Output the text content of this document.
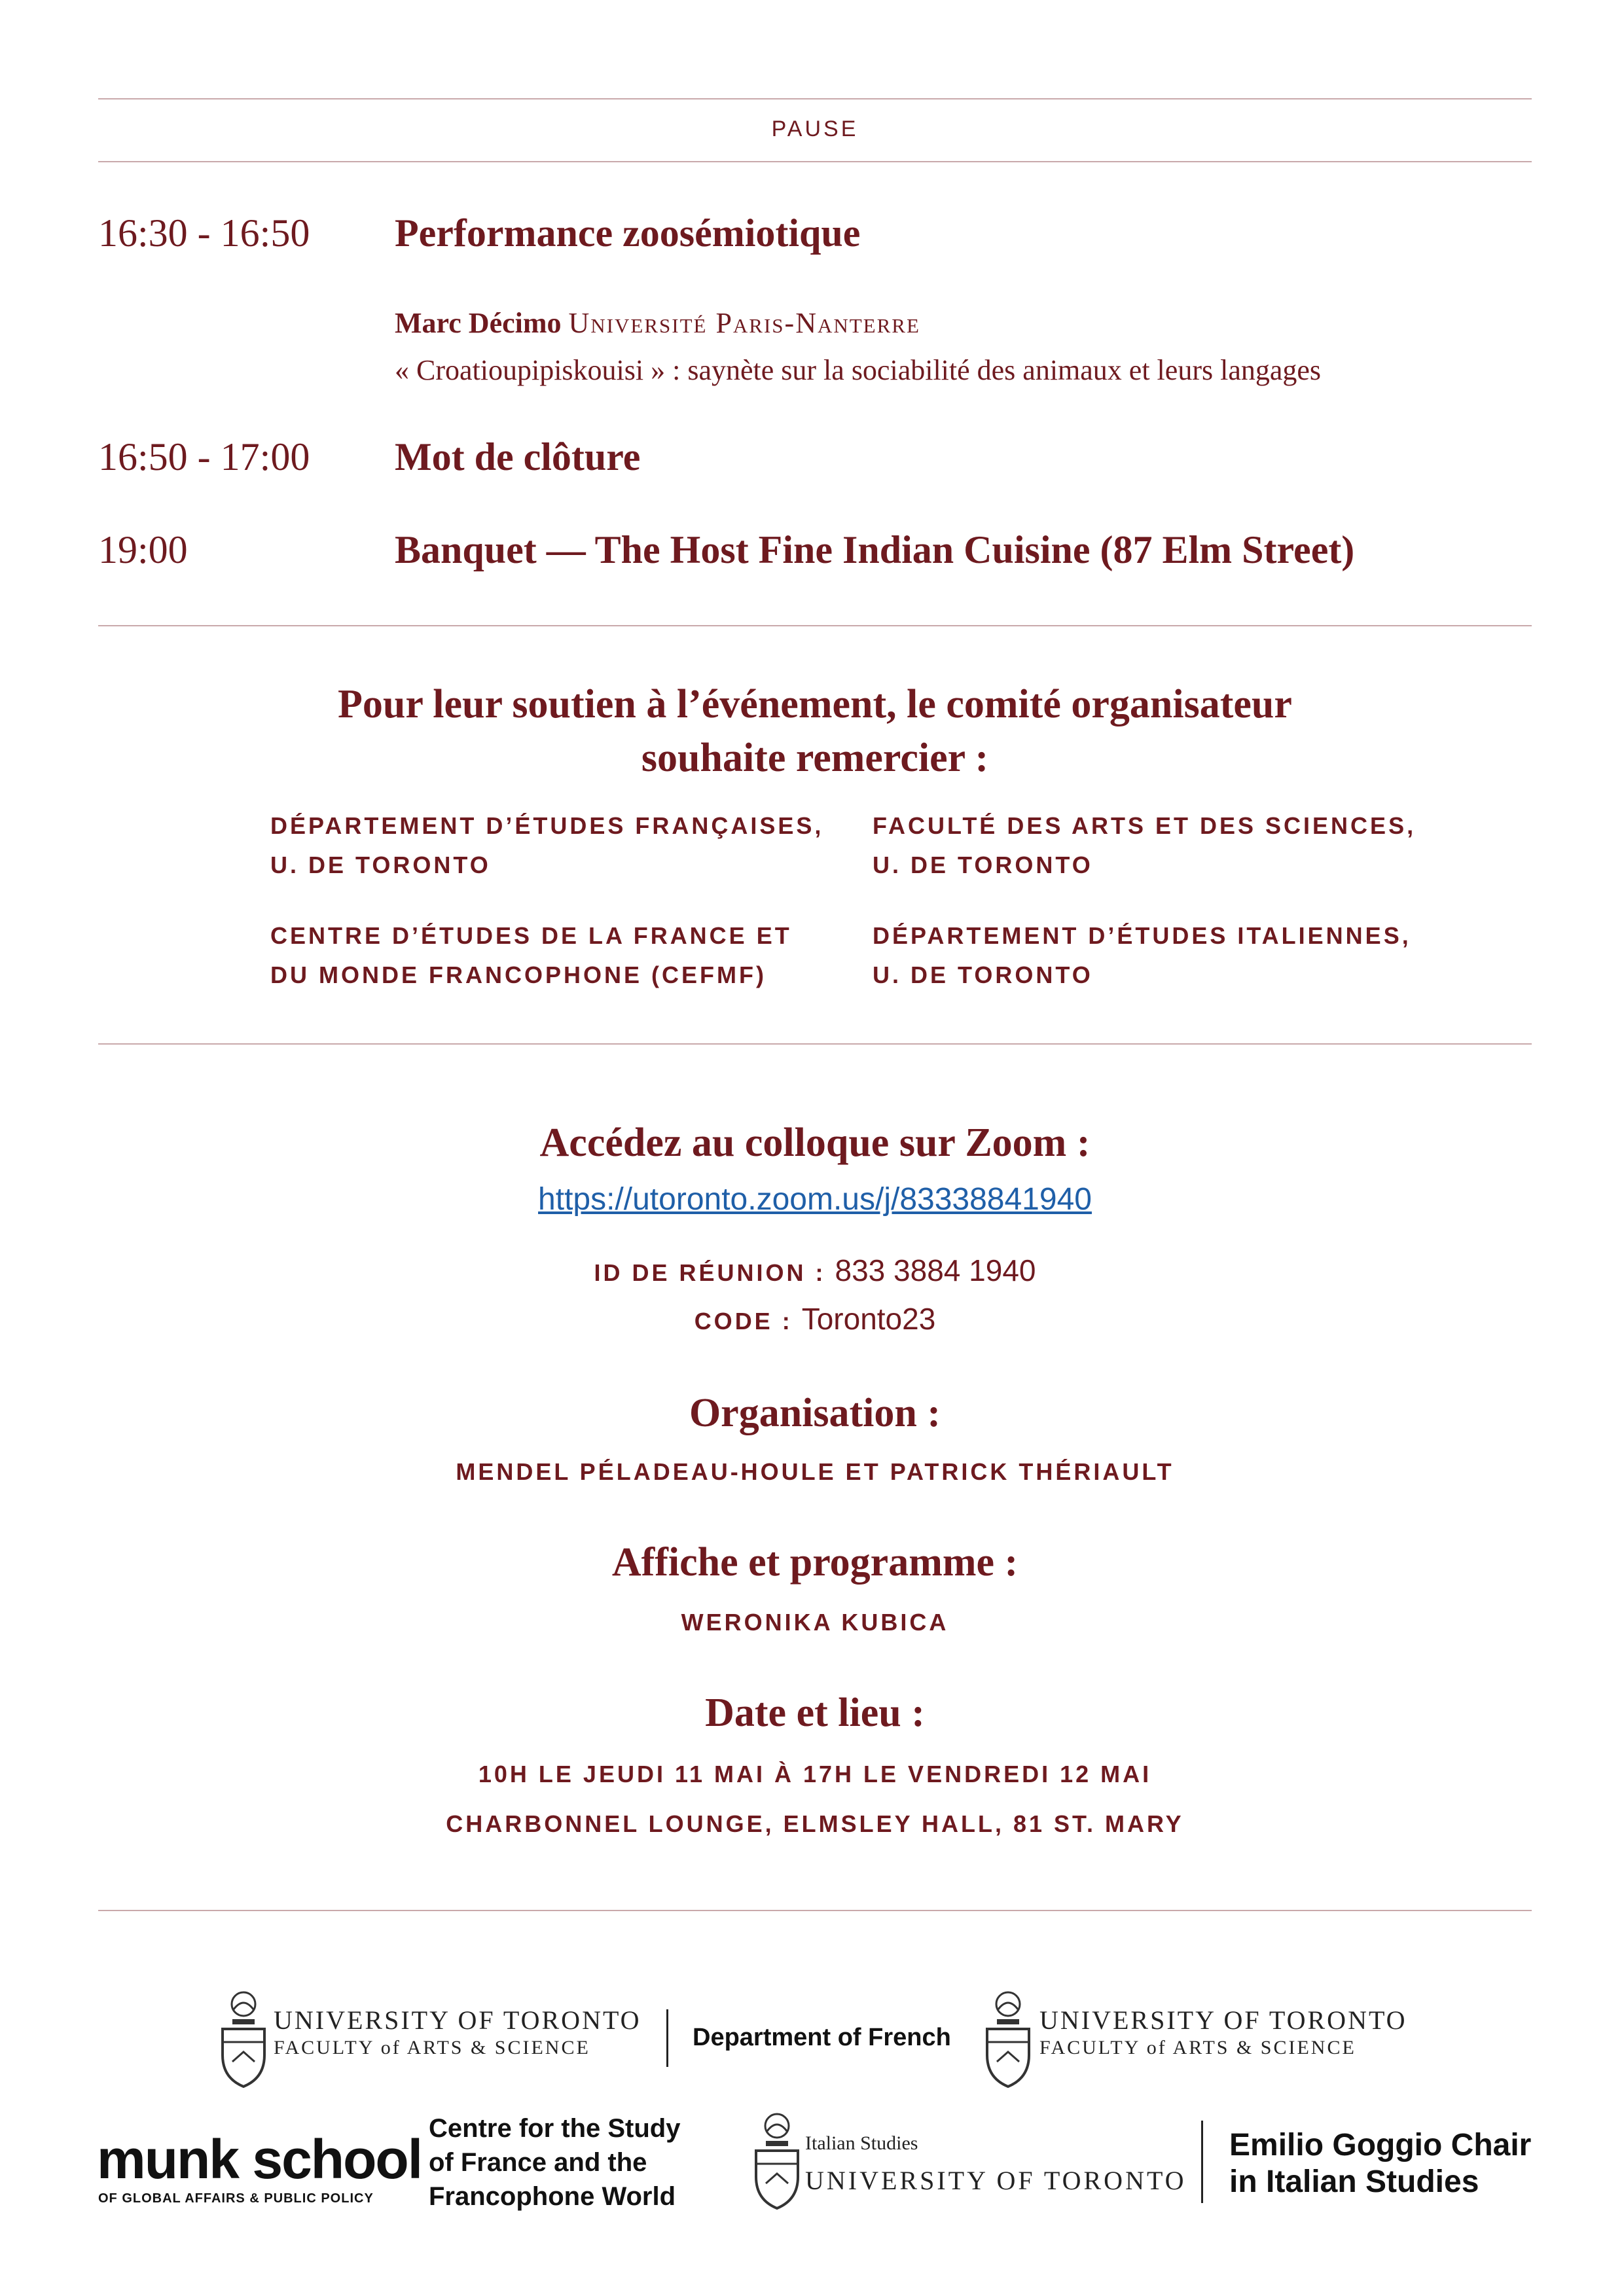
PAUSE
16:30 - 16:50 Performance zoosémiotique
Marc Décimo Université Paris-Nanterre
« Croatioupipiskouisi » : saynète sur la sociabilité des animaux et leurs langages
16:50 - 17:00 Mot de clôture
19:00	Banquet — The Host Fine Indian Cuisine (87 Elm Street)
Pour leur soutien à l’événement, le comité organisateur
souhaite remercier :
DÉPARTEMENT D’ÉTUDES FRANÇAISES,
U. DE TORONTO
FACULTÉ DES ARTS ET DES SCIENCES,
U. DE TORONTO
CENTRE D’ÉTUDES DE LA FRANCE ET
DU MONDE FRANCOPHONE (CEFMF)
DÉPARTEMENT D’ÉTUDES ITALIENNES,
U. DE TORONTO
Accédez au colloque sur Zoom :
https://utoronto.zoom.us/j/83338841940
ID DE RÉUNION : 833 3884 1940
CODE : Toronto23
Organisation :
MENDEL PÉLADEAU-HOULE ET PATRICK THÉRIAULT
Affiche et programme :
WERONIKA KUBICA
Date et lieu :
10H LE JEUDI 11 MAI À 17H LE VENDREDI 12 MAI
CHARBONNEL LOUNGE, ELMSLEY HALL, 81 ST. MARY
UNIVERSITY OF TORONTO
FACULTY of ARTS & SCIENCE	Department of French
UNIVERSITY OF TORONTO
FACULTY of ARTS & SCIENCE
munk school
OF GLOBAL AFFAIRS & PUBLIC POLICY
Centre for the Study
of France and the
Francophone World
Italian Studies
UNIVERSITY OF TORONTO
Emilio Goggio Chair
in Italian Studies
